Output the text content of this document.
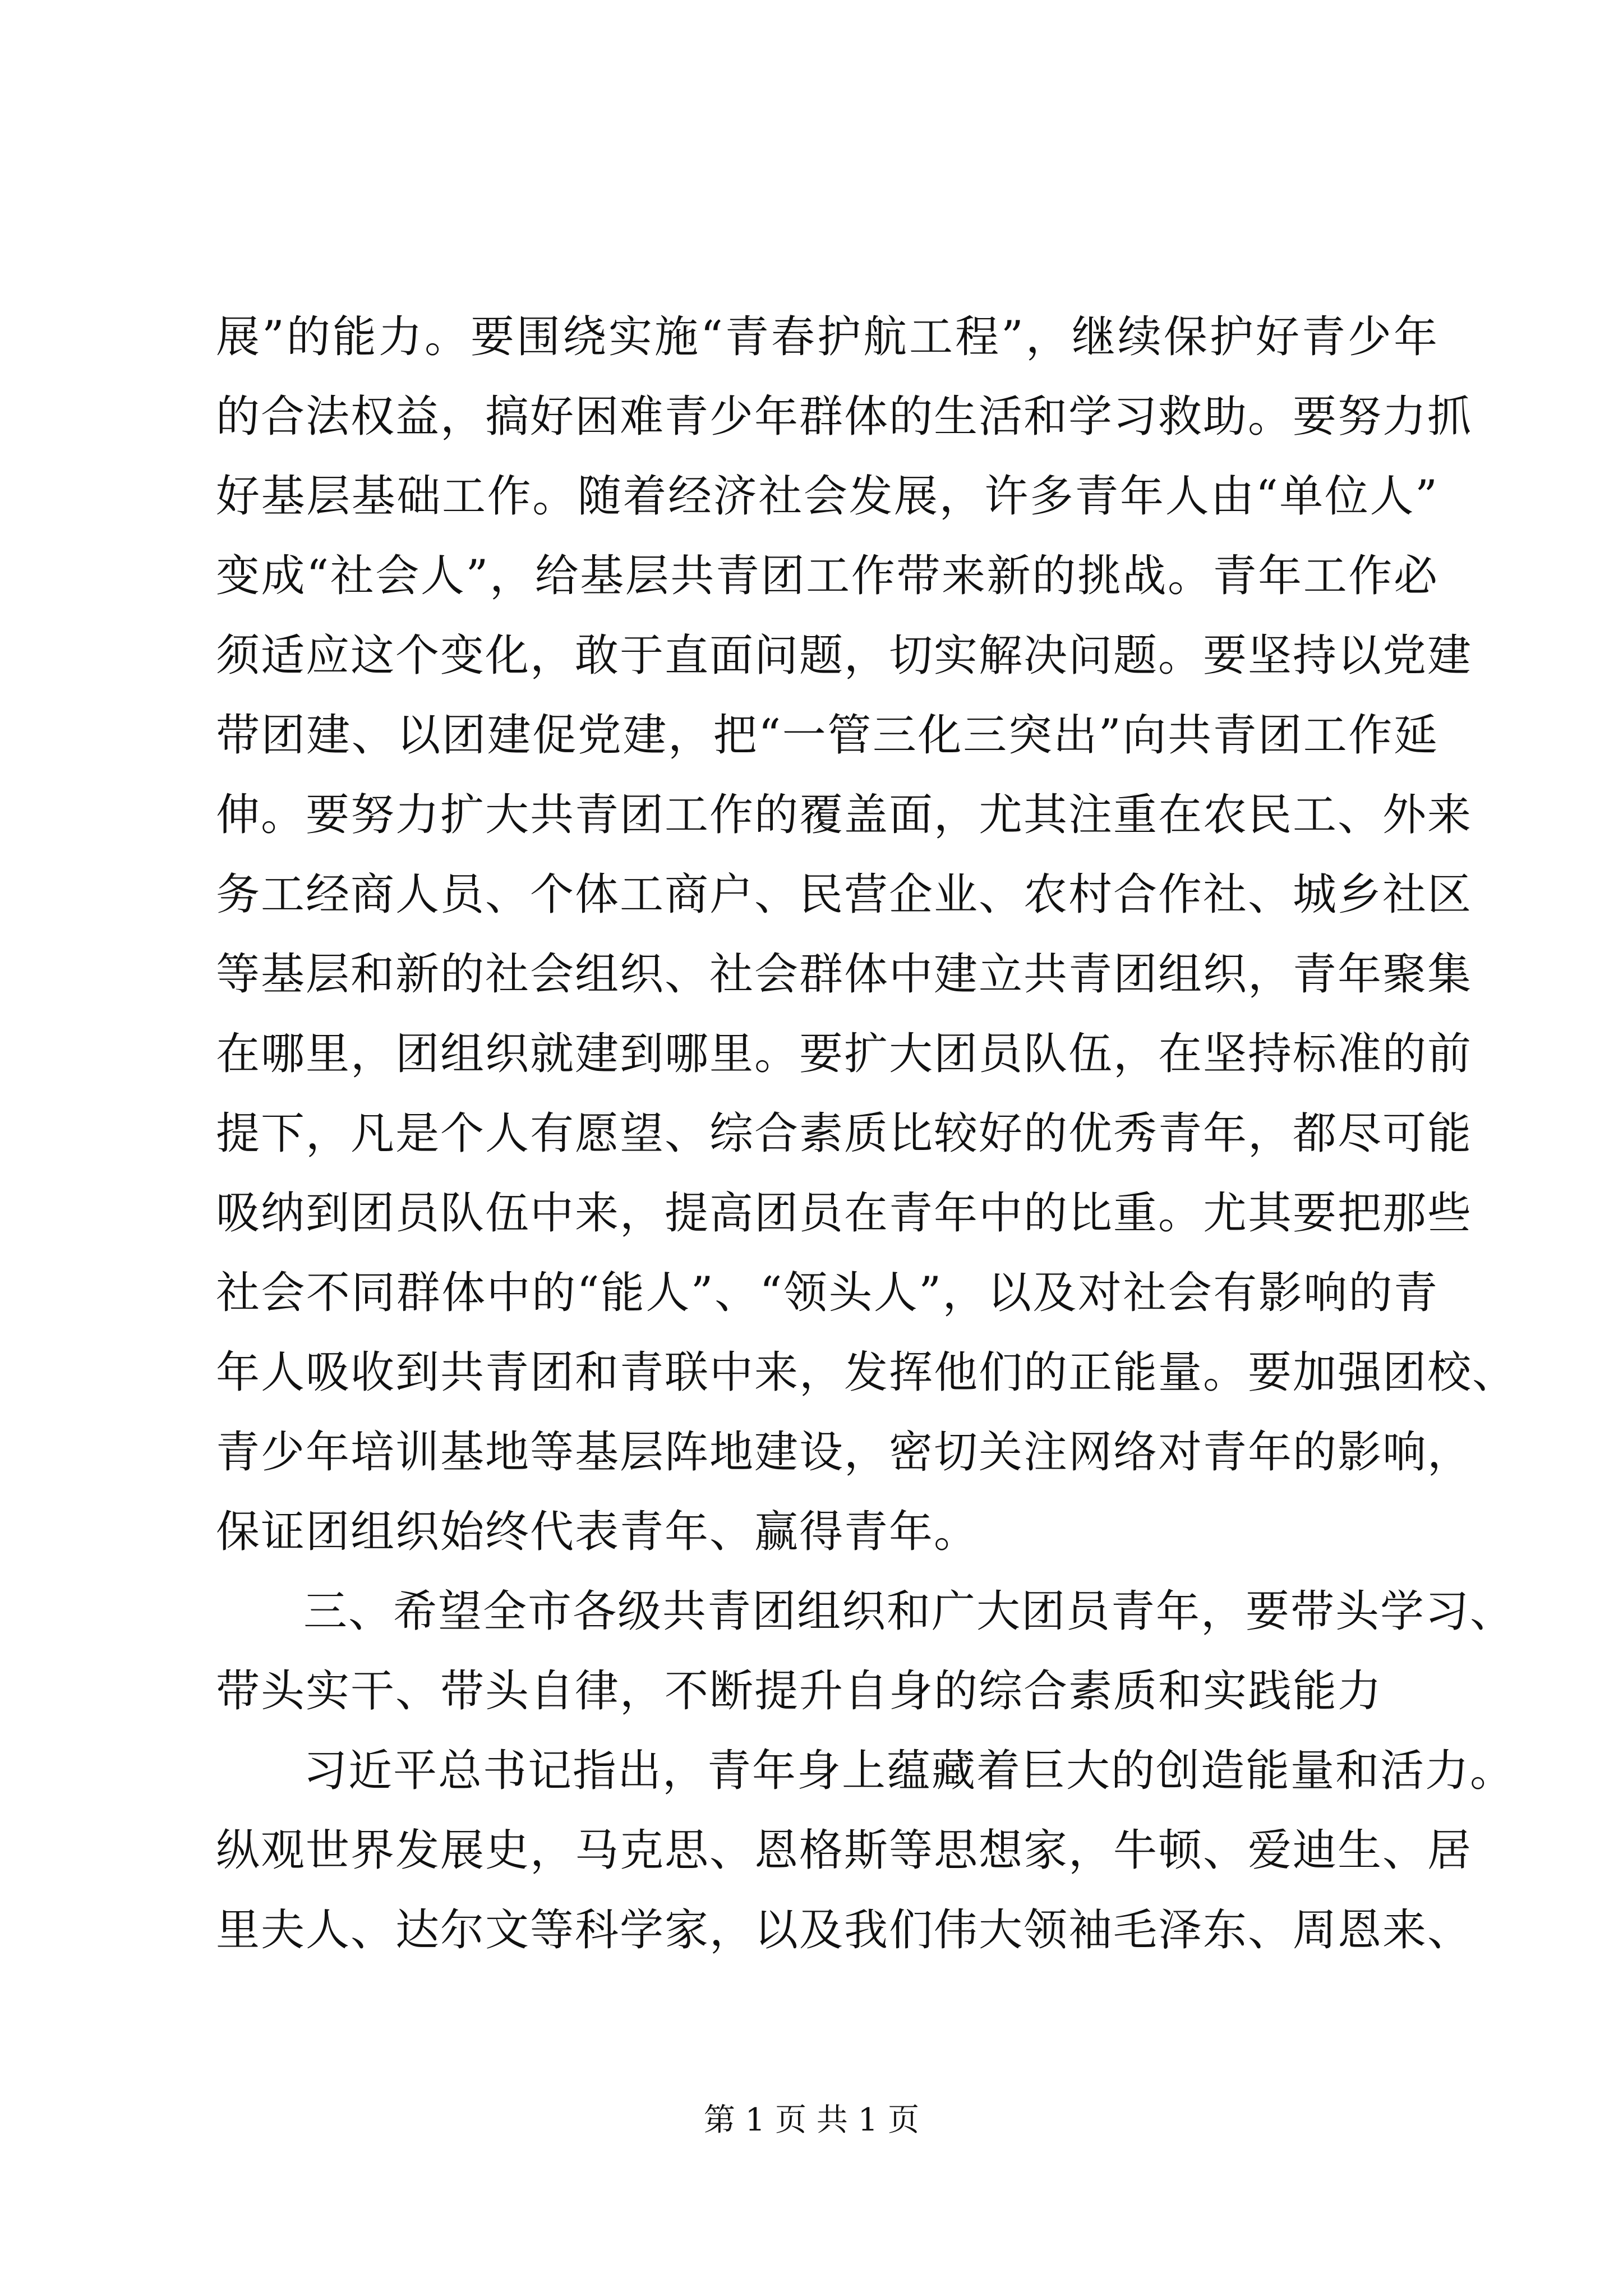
展”的能力。要围绕实施“青春护航工程”，继续保护好青少年
的合法权益，搞好困难青少年群体的生活和学习救助。要努力抓
好基层基础工作。随着经济社会发展，许多青年人由“单位人”
变成“社会人”，给基层共青团工作带来新的挑战。青年工作必
须适应这个变化，敢于直面问题，切实解决问题。要坚持以党建
带团建、以团建促党建，把“一管三化三突出”向共青团工作延
伸。要努力扩大共青团工作的覆盖面，尤其注重在农民工、外来
务工经商人员、个体工商户、民营企业、农村合作社、城乡社区
等基层和新的社会组织、社会群体中建立共青团组织，青年聚集
在哪里，团组织就建到哪里。要扩大团员队伍，在坚持标准的前
提下，凡是个人有愿望、综合素质比较好的优秀青年，都尽可能
吸纳到团员队伍中来，提高团员在青年中的比重。尤其要把那些
社会不同群体中的“能人”、“领头人”，以及对社会有影响的青
年人吸收到共青团和青联中来，发挥他们的正能量。要加强团校、
青少年培训基地等基层阵地建设，密切关注网络对青年的影响，
保证团组织始终代表青年、赢得青年。
三、希望全市各级共青团组织和广大团员青年，要带头学习、
带头实干、带头自律，不断提升自身的综合素质和实践能力
习近平总书记指出，青年身上蕴藏着巨大的创造能量和活力。
纵观世界发展史，马克思、恩格斯等思想家，牛顿、爱迪生、居
里夫人、达尔文等科学家，以及我们伟大领袖毛泽东、周恩来、
第 1 页 共 1 页
